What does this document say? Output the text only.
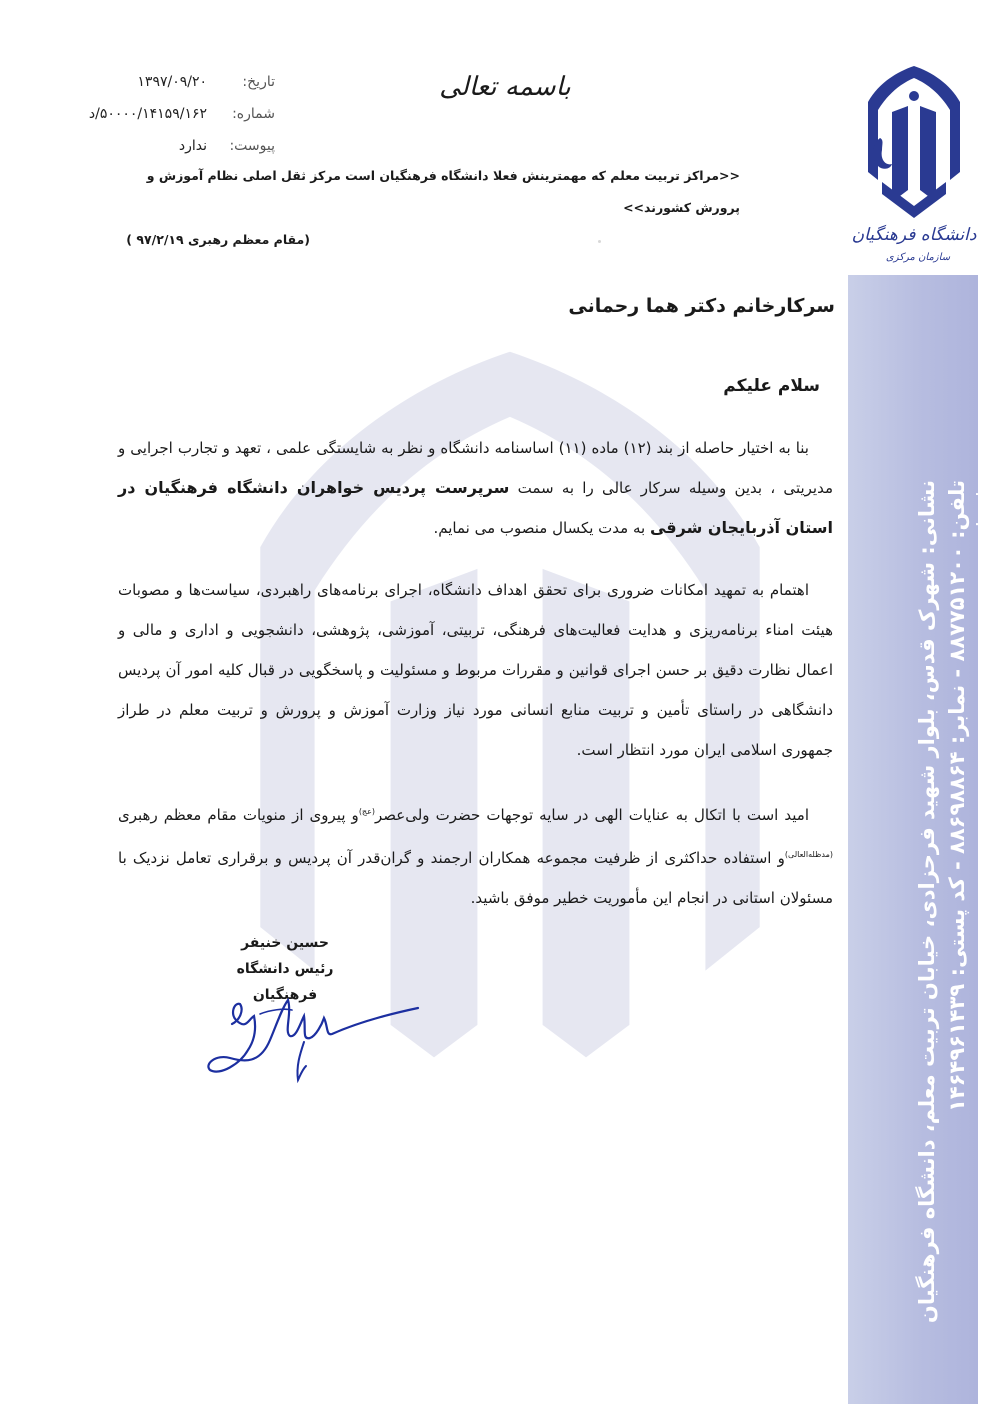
دانشگاه فرهنگیان
سازمان مرکزی
نشانی: شهرک قدس، بلوار شهید فرحزادی، خیابان تربیت معلم، دانشگاه فرهنگیان تلفن: ۸۸۷۷۵۱۲۰۰ - نمابر: ۸۸۶۹۸۸۶۴ - کد پستی: ۱۴۶۴۹۶۱۴۳۹ www.mpa.medu.ir
باسمه تعالی
تاریخ:
۱۳۹۷/۰۹/۲۰
شماره:
۵۰۰۰۰/۱۴۱۵۹/۱۶۲/د
پیوست:
ندارد
<<مراکز تربیت معلم که مهمترینش فعلا دانشگاه فرهنگیان است مرکز ثقل اصلی نظام آموزش و پرورش کشورند>>
(مقام معظم رهبری ۹۷/۲/۱۹ )
سرکارخانم دکتر هما رحمانی
سلام علیکم

بنا به اختیار حاصله از بند (۱۲) ماده (۱۱) اساسنامه دانشگاه و نظر به شایستگی علمی ، تعهد و تجارب اجرایی و مدیریتی ، بدین وسیله سرکار عالی را به سمت سرپرست پردیس خواهران دانشگاه فرهنگیان در استان آذربایجان شرقی به مدت یکسال منصوب می نمایم.

اهتمام به تمهید امکانات ضروری برای تحقق اهداف دانشگاه، اجرای برنامه‌های راهبردی، سیاست‌ها و مصوبات هیئت امناء برنامه‌ریزی و هدایت فعالیت‌های فرهنگی، تربیتی، آموزشی، پژوهشی، دانشجویی و اداری و مالی و اعمال نظارت دقیق بر حسن اجرای قوانین و مقررات مربوط و مسئولیت و پاسخگویی در قبال کلیه امور آن پردیس دانشگاهی در راستای تأمین و تربیت منابع انسانی مورد نیاز وزارت آموزش و پرورش و تربیت معلم در طراز جمهوری اسلامی ایران مورد انتظار است.

امید است با اتکال به عنایات الهی در سایه توجهات حضرت ولی‌عصر$^{(عج)}$و پیروی از منویات مقام معظم رهبری $^{(مدظله‌العالی)}$و استفاده حداکثری از ظرفیت مجموعه همکاران ارجمند و گران‌قدر آن پردیس و برقراری تعامل نزدیک با مسئولان استانی در انجام این مأموریت خطیر موفق باشید.

حسین خنیفر
رئیس دانشگاه فرهنگیان
